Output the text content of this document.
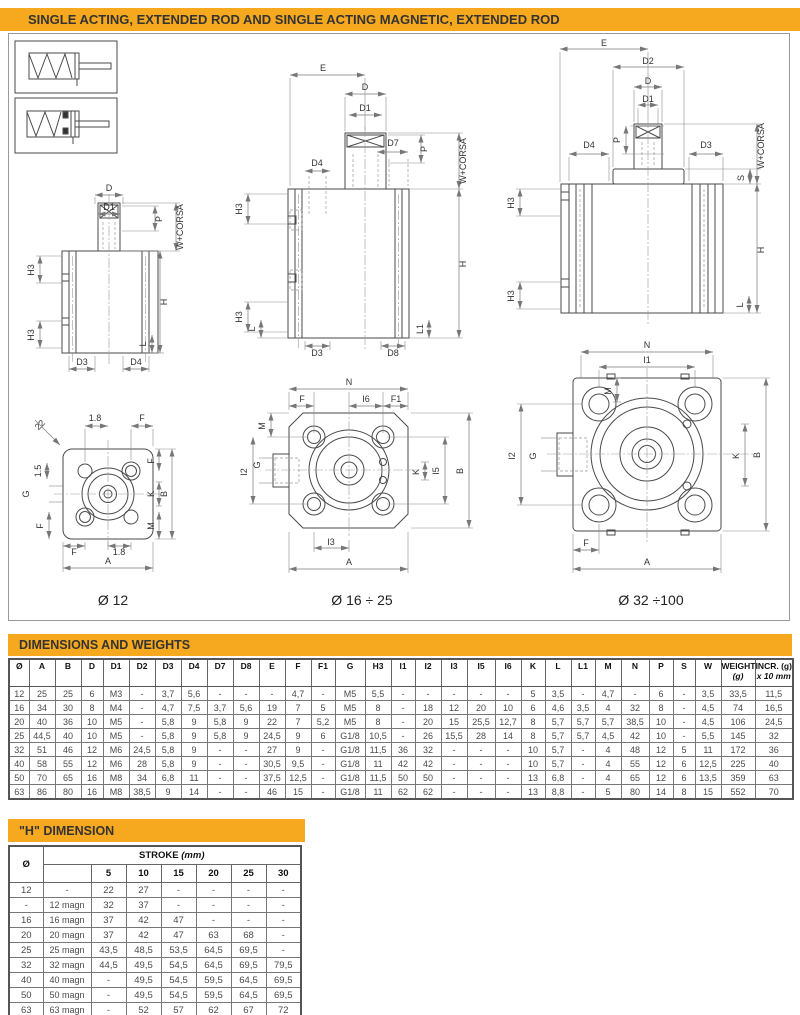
SINGLE ACTING, EXTENDED ROD AND SINGLE ACTING MAGNETIC, EXTENDED ROD
D
D1
P W+CORSA
H3
H3
H
L
D3	D4
E
D
D1
D7
P	W+CORSA
D4
H3
H3
L
H
L1
D3	D8
E
D2
D
D1
P
D4	D3	W+CORSA
S
H3
H3
H
L
22	1.8	F
F
K B
M
1.5
G
F
F	1.8
A
N
F	I6 F1
M
G
I2	K I5 B
I3
A
N
I1
M
I2 G	K B
F
A
Ø 12	Ø 16 ÷ 25	Ø 32 ÷100
DIMENSIONS AND WEIGHTS
Ø	A	B	D	D1	D2	D3	D4	D7	D8	E	F	F1	G	H3	I1	I2	I3	I5	I6	K	L	L1	M	N	P	S	W	WEIGHT
(g)	INCR. (g)
x 10 mm
12	25	25	6	M3	-	3,7	5,6	-	-	-	4,7	-	M5	5,5	-	-	-	-	-	5	3,5	-	4,7	-	6	-	3,5	33,5	11,5
16	34	30	8	M4	-	4,7	7,5	3,7	5,6	19	7	5	M5	8	-	18	12	20	10	6	4,6	3,5	4	32	8	-	4,5	74	16,5
20	40	36	10	M5	-	5,8	9	5,8	9	22	7	5,2	M5	8	-	20	15	25,5	12,7	8	5,7	5,7	5,7	38,5	10	-	4,5	106	24,5
25	44,5	40	10	M5	-	5,8	9	5,8	9	24,5	9	6	G1/8	10,5	-	26	15,5	28	14	8	5,7	5,7	4,5	42	10	-	5,5	145	32
32	51	46	12	M6	24,5	5,8	9	-	-	27	9	-	G1/8	11,5	36	32	-	-	-	10	5,7	-	4	48	12	5	11	172	36
40	58	55	12	M6	28	5,8	9	-	-	30,5	9,5	-	G1/8	11	42	42	-	-	-	10	5,7	-	4	55	12	6	12,5	225	40
50	70	65	16	M8	34	6,8	11	-	-	37,5	12,5	-	G1/8	11,5	50	50	-	-	-	13	6,8	-	4	65	12	6	13,5	359	63
63	86	80	16	M8	38,5	9	14	-	-	46	15	-	G1/8	11	62	62	-	-	-	13	8,8	-	5	80	14	8	15	552	70
"H" DIMENSION
Ø	STROKE (mm)						
		5	10	15	20	25	30
12	-	22	27	-	-	-	-
-	12 magn	32	37	-	-	-	-
16	16 magn	37	42	47	-	-	-
20	20 magn	37	42	47	63	68	-
25	25 magn	43,5	48,5	53,5	64,5	69,5	-
32	32 magn	44,5	49,5	54,5	64,5	69,5	79,5
40	40 magn	-	49,5	54,5	59,5	64,5	69,5
50	50 magn	-	49,5	54,5	59,5	64,5	69,5
63	63 magn	-	52	57	62	67	72
